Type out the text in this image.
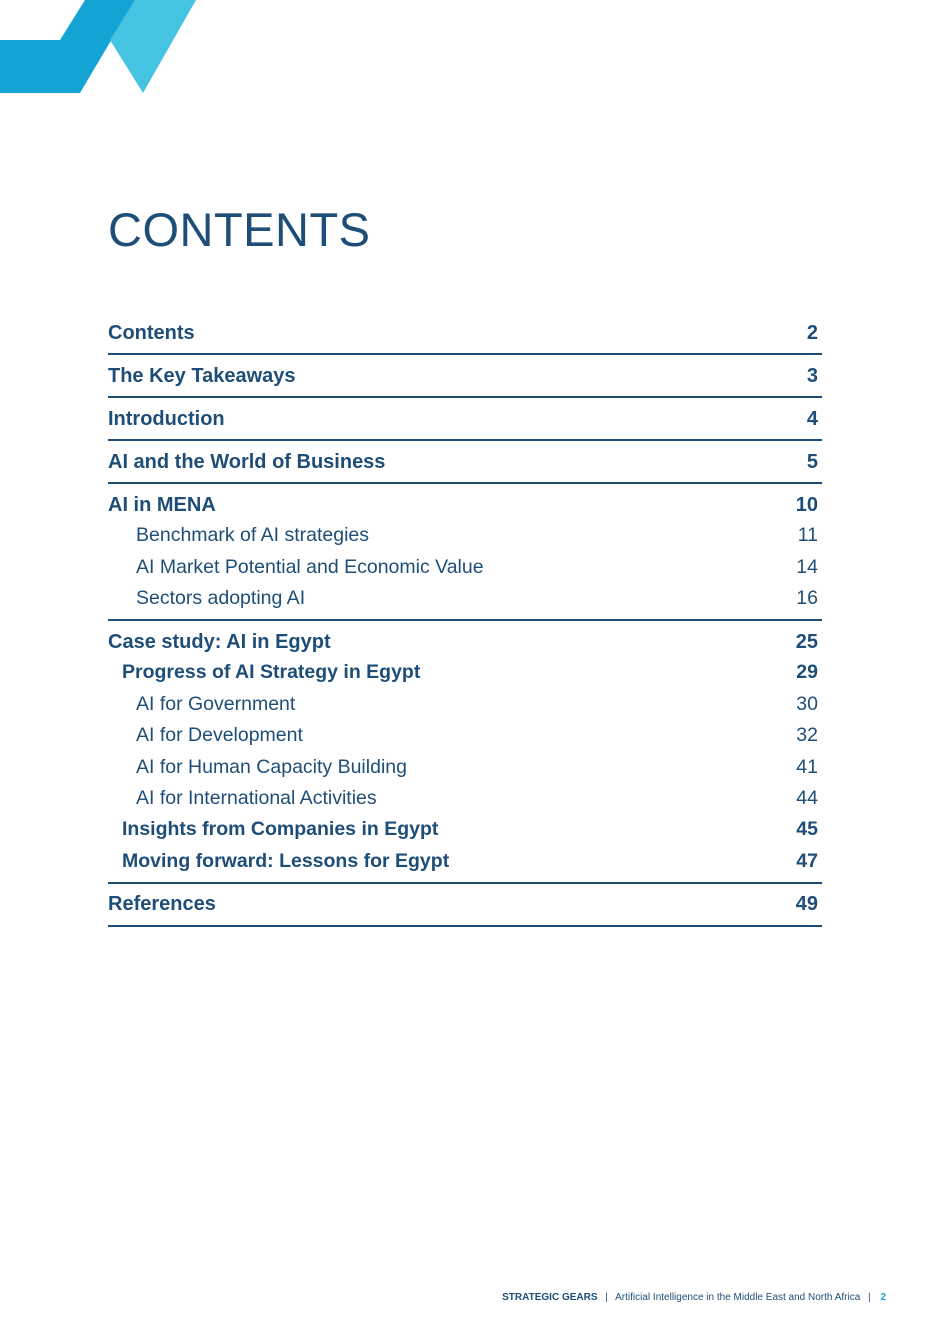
CONTENTS
Contents	2
The Key Takeaways	3
Introduction	4
AI and the World of Business	5
AI in MENA	10
Benchmark of AI strategies	11
AI Market Potential and Economic Value	14
Sectors adopting AI	16
Case study: AI in Egypt	25
Progress of AI Strategy in Egypt	29
AI for Government	30
AI for Development	32
AI for Human Capacity Building	41
AI for International Activities	44
Insights from Companies in Egypt	45
Moving forward: Lessons for Egypt	47
References	49
STRATEGIC GEARS | Artificial Intelligence in the Middle East and North Africa | 2
